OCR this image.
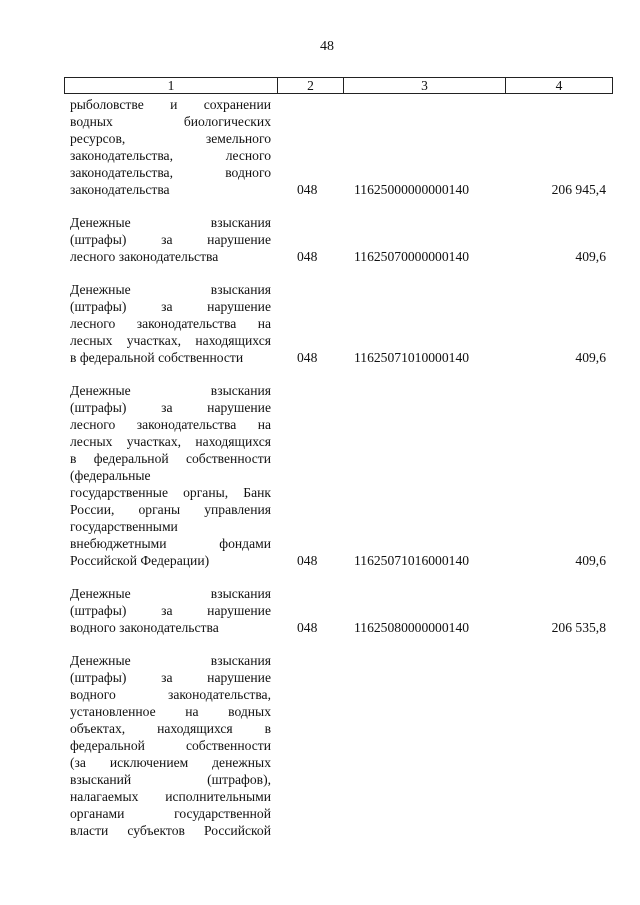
48
1	2	3	4
рыболовстве и сохранении
водных биологических
ресурсов, земельного
законодательства, лесного
законодательства, водного
законодательства	048	11625000000000140	206 945,4
Денежные взыскания
(штрафы) за нарушение
лесного законодательства	048	11625070000000140	409,6
Денежные взыскания
(штрафы) за нарушение
лесного законодательства на
лесных участках, находящихся
в федеральной собственности	048	11625071010000140	409,6
Денежные взыскания
(штрафы) за нарушение
лесного законодательства на
лесных участках, находящихся
в федеральной собственности
(федеральные
государственные органы, Банк
России, органы управления
государственными
внебюджетными фондами
Российской Федерации)	048	11625071016000140	409,6
Денежные взыскания
(штрафы) за нарушение
водного законодательства	048	11625080000000140	206 535,8
Денежные взыскания
(штрафы) за нарушение
водного законодательства,
установленное на водных
объектах, находящихся в
федеральной собственности
(за исключением денежных
взысканий (штрафов),
налагаемых исполнительными
органами государственной
власти субъектов Российской
